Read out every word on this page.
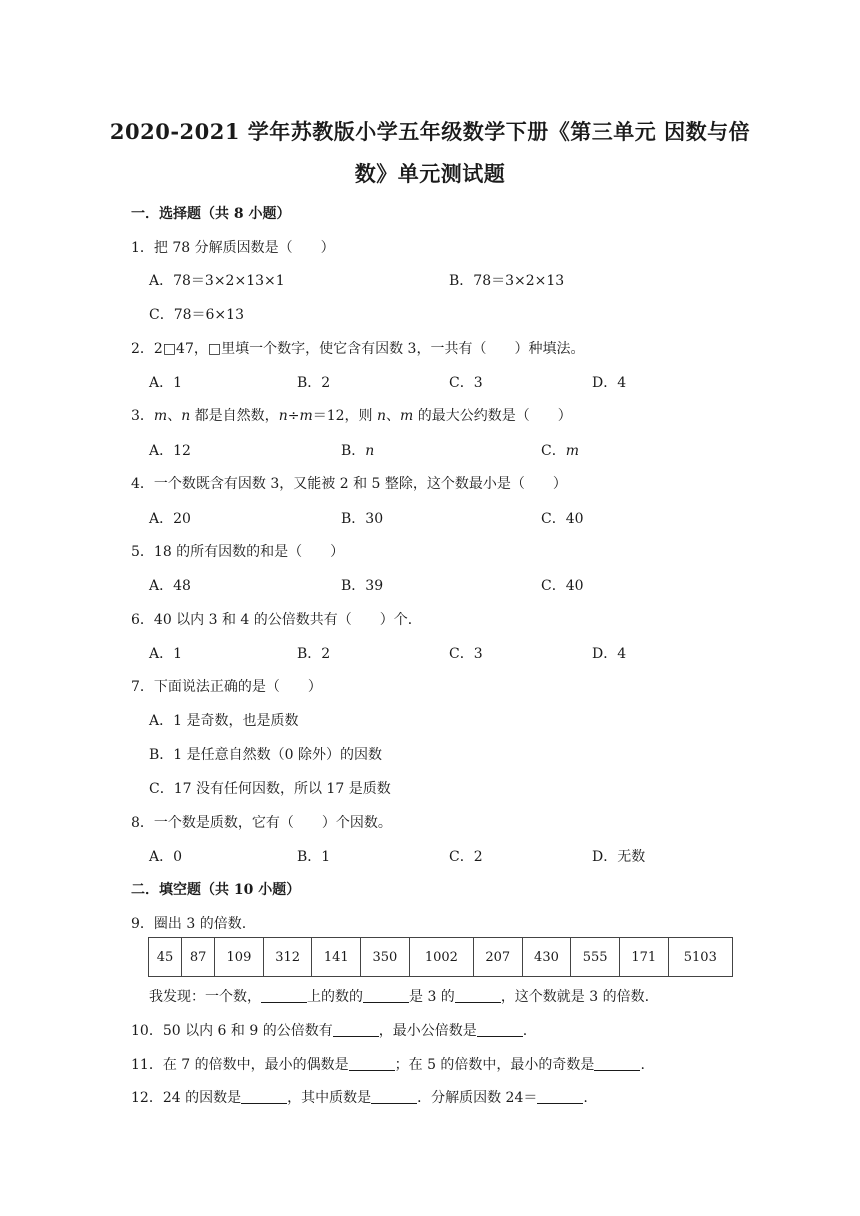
2020-2021 学年苏教版小学五年级数学下册《第三单元 因数与倍
数》单元测试题
一．选择题（共 8 小题）
1．把 78 分解质因数是（　　）
A．78＝3×2×13×1	B．78＝3×2×13
C．78＝6×13
2．2□47，□里填一个数字，使它含有因数 3，一共有（　　）种填法。
A．1	B．2	C．3	D．4
3．m、n 都是自然数，n÷m＝12，则 n、m 的最大公约数是（　　）
A．12	B．n	C．m
4．一个数既含有因数 3，又能被 2 和 5 整除，这个数最小是（　　）
A．20	B．30	C．40
5．18 的所有因数的和是（　　）
A．48	B．39	C．40
6．40 以内 3 和 4 的公倍数共有（　　）个．
A．1	B．2	C．3	D．4
7．下面说法正确的是（　　）
A．1 是奇数，也是质数
B．1 是任意自然数（0 除外）的因数
C．17 没有任何因数，所以 17 是质数
8．一个数是质数，它有（　　）个因数。
A．0	B．1	C．2	D．无数
二．填空题（共 10 小题）
9．圈出 3 的倍数.
45	87	109	312	141	350	1002	207	430	555	171	5103
我发现：一个数，	上的数的	是 3 的	，这个数就是 3 的倍数.
10．50 以内 6 和 9 的公倍数有	，最小公倍数是	.
11．在 7 的倍数中，最小的偶数是	；在 5 的倍数中，最小的奇数是	.
12．24 的因数是	，其中质数是	．分解质因数 24＝	.
